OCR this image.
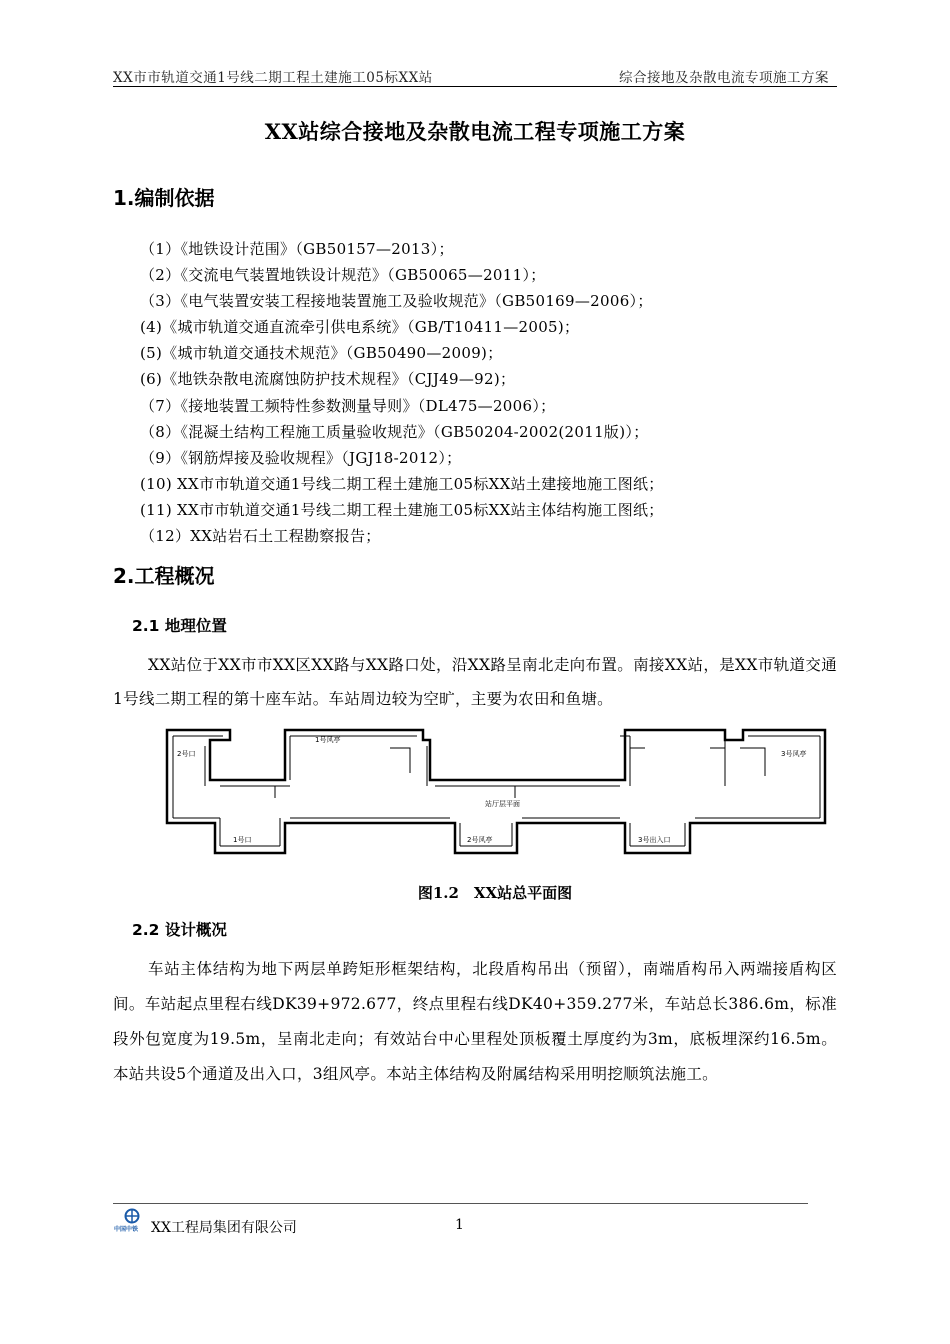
XX市市轨道交通1号线二期工程土建施工05标XX站	综合接地及杂散电流专项施工方案
XX站综合接地及杂散电流工程专项施工方案
1.编制依据
（1）《地铁设计范围》（GB50157—2013）；
（2）《交流电气装置地铁设计规范》（GB50065—2011）；
（3）《电气装置安装工程接地装置施工及验收规范》（GB50169—2006）；
(4)《城市轨道交通直流牵引供电系统》（GB/T10411—2005)；
(5)《城市轨道交通技术规范》（GB50490—2009)；
(6)《地铁杂散电流腐蚀防护技术规程》（CJJ49—92)；
（7）《接地装置工频特性参数测量导则》（DL475—2006）；
（8）《混凝土结构工程施工质量验收规范》（GB50204-2002(2011版)）；
（9）《钢筋焊接及验收规程》（JGJ18-2012）；
(10) XX市市轨道交通1号线二期工程土建施工05标XX站土建接地施工图纸；
(11) XX市市轨道交通1号线二期工程土建施工05标XX站主体结构施工图纸；
（12）XX站岩石土工程勘察报告；
2.工程概况
2.1 地理位置
XX站位于XX市市XX区XX路与XX路口处，沿XX路呈南北走向布置。南接XX站，是XX市轨道交通1号线二期工程的第十座车站。车站周边较为空旷，主要为农田和鱼塘。
2号口
1号风亭
3号风亭
站厅层平面
1号口	2号风亭	3号出入口
图1.2　XX站总平面图
2.2 设计概况
车站主体结构为地下两层单跨矩形框架结构，北段盾构吊出（预留），南端盾构吊入两端接盾构区间。车站起点里程右线DK39+972.677，终点里程右线DK40+359.277米，车站总长386.6m，标准段外包宽度为19.5m，呈南北走向；有效站台中心里程处顶板覆土厚度约为3m，底板埋深约16.5m。本站共设5个通道及出入口，3组风亭。本站主体结构及附属结构采用明挖顺筑法施工。
中国中铁 XX工程局集团有限公司	1
